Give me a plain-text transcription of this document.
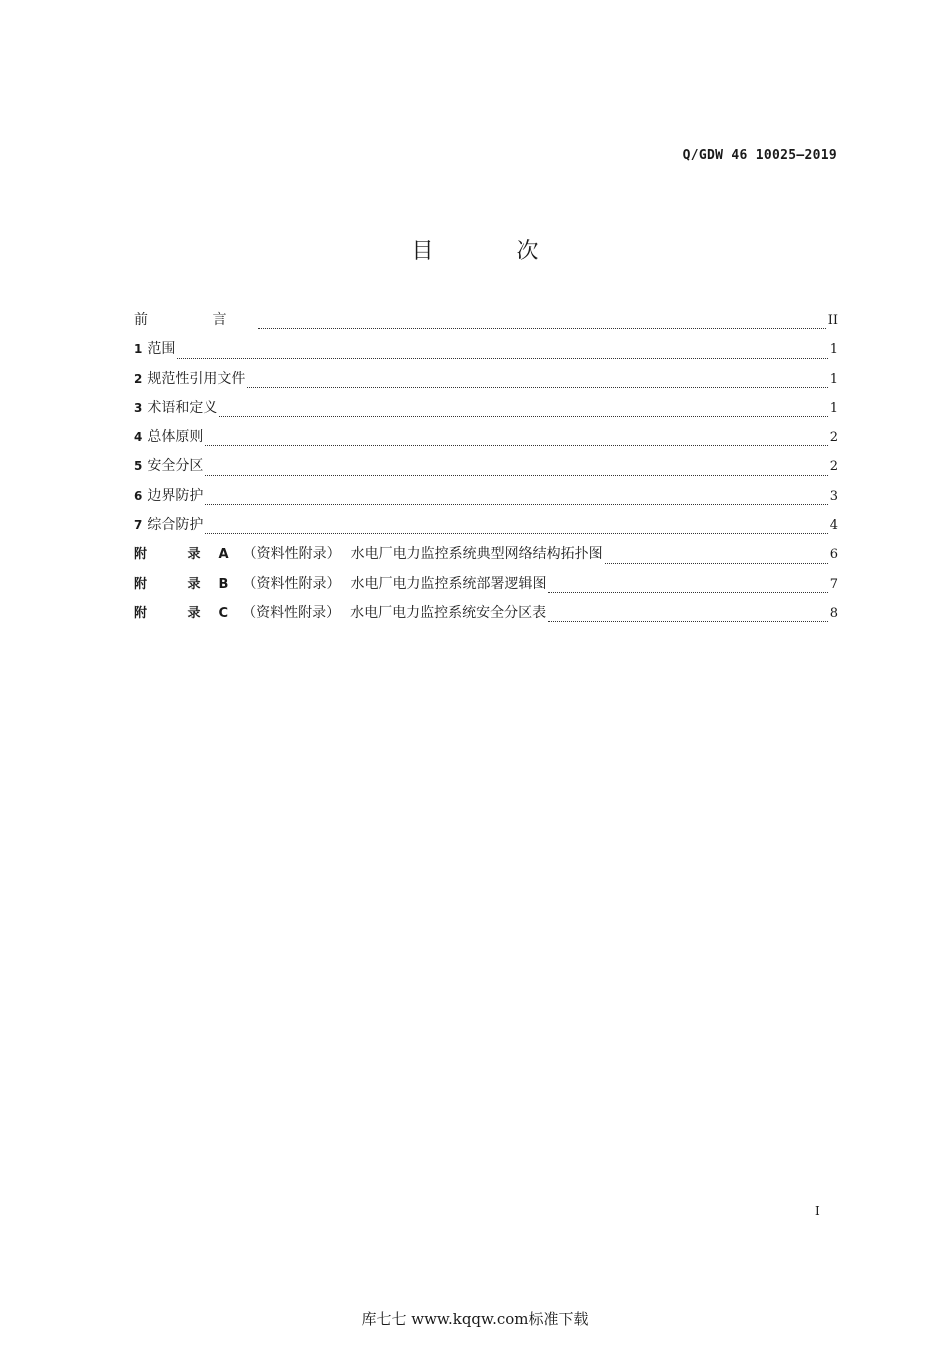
Q/GDW 46 10025—2019
目 次
前 言	II
1 范围	1
2 规范性引用文件	1
3 术语和定义	1
4 总体原则	2
5 安全分区	2
6 边界防护	3
7 综合防护	4
附 录A （资料性附录） 水电厂电力监控系统典型网络结构拓扑图	6
附 录B （资料性附录） 水电厂电力监控系统部署逻辑图	7
附 录C （资料性附录） 水电厂电力监控系统安全分区表	8
I
库七七 www.kqqw.com标准下载
